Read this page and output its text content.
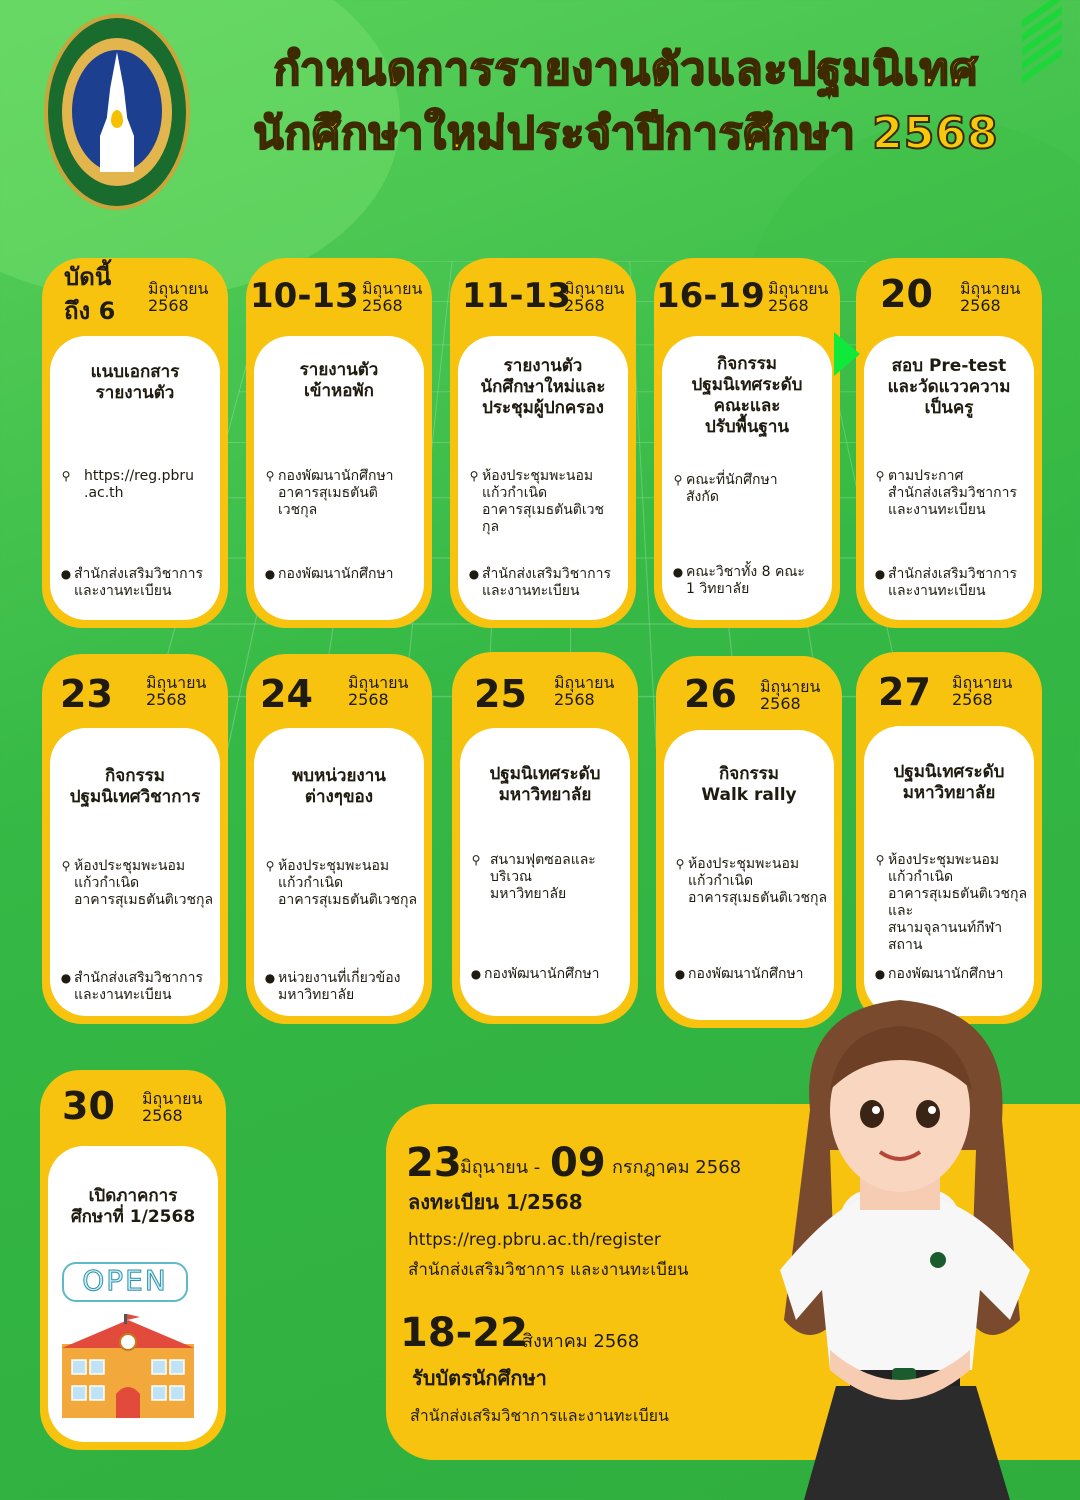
กำหนดการรายงานตัวและปฐมนิเทศ
นักศึกษาใหม่ประจำปีการศึกษา 2568
บัดนี้
ถึง 6
มิถุนายน
2568
แนบเอกสาร
รายงานตัว
⚲ https://reg.pbru
.ac.th
● สำนักส่งเสริมวิชาการ
และงานทะเบียน
10-13 มิถุนายน
2568
รายงานตัว
เข้าหอพัก
⚲ กองพัฒนานักศึกษา
อาคารสุเมธตันติ
เวชกุล
● กองพัฒนานักศึกษา
11-13
มิถุนายน
2568
รายงานตัว
นักศึกษาใหม่และ
ประชุมผู้ปกครอง
⚲ ห้องประชุมพะนอม
แก้วกำเนิด
อาคารสุเมธตันติเวช
กุล
● สำนักส่งเสริมวิชาการ
และงานทะเบียน
16-19 มิถุนายน
2568
กิจกรรม
ปฐมนิเทศระดับ
คณะและ
ปรับพื้นฐาน
⚲ คณะที่นักศึกษา
สังกัด
● คณะวิชาทั้ง 8 คณะ
1 วิทยาลัย
20 มิถุนายน
2568
สอบ Pre-test
และวัดแววความ
เป็นครู
⚲ ตามประกาศ
สำนักส่งเสริมวิชาการ
และงานทะเบียน
● สำนักส่งเสริมวิชาการ
และงานทะเบียน
23 มิถุนายน
2568
กิจกรรม
ปฐมนิเทศวิชาการ
⚲ ห้องประชุมพะนอม
แก้วกำเนิด
อาคารสุเมธตันติเวชกุล
● สำนักส่งเสริมวิชาการ
และงานทะเบียน
24 มิถุนายน
2568
พบหน่วยงาน
ต่างๆของ
⚲ ห้องประชุมพะนอม
แก้วกำเนิด
อาคารสุเมธตันติเวชกุล
● หน่วยงานที่เกี่ยวข้อง
มหาวิทยาลัย
25 มิถุนายน
2568
ปฐมนิเทศระดับ
มหาวิทยาลัย
⚲ สนามฟุตซอลและ
บริเวณ
มหาวิทยาลัย
● กองพัฒนานักศึกษา
26 มิถุนายน
2568
กิจกรรม
Walk rally
⚲ ห้องประชุมพะนอม
แก้วกำเนิด
อาคารสุเมธตันติเวชกุล
● กองพัฒนานักศึกษา
27 มิถุนายน
2568
ปฐมนิเทศระดับ
มหาวิทยาลัย
⚲ ห้องประชุมพะนอม
แก้วกำเนิด
อาคารสุเมธตันติเวชกุล
และ
สนามจุลานนท์กีฬา
สถาน
● กองพัฒนานักศึกษา
30 มิถุนายน
2568
เปิดภาคการ
ศึกษาที่ 1/2568
OPEN
23
มิถุนายน - 09 กรกฎาคม 2568
ลงทะเบียน 1/2568
https://reg.pbru.ac.th/register
สำนักส่งเสริมวิชาการ และงานทะเบียน
18-22
สิงหาคม 2568
รับบัตรนักศึกษา
สำนักส่งเสริมวิชาการและงานทะเบียน
